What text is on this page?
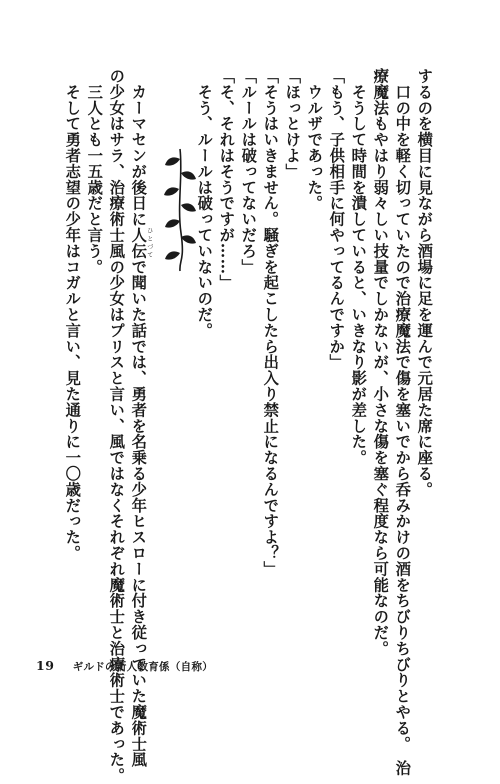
するのを横目に見ながら酒場に足を運んで元居た席に座る。
　口の中を軽く切っていたので治療魔法で傷を塞いでから呑みかけの酒をちびりちびりとやる。　治
療魔法もやはり弱々しい技量でしかないが、小さな傷を塞ぐ程度なら可能なのだ。
　そうして時間を潰していると、いきなり影が差した。
「もう、子供相手に何やってるんですか」
　ウルザであった。
「ほっとけよ」
「そうはいきません。騒ぎを起こしたら出入り禁止になるんですよ？」
「ルールは破ってないだろ」
「そ、それはそうですが……」
　そう、ルールは破っていないのだ。
　カーマセンが後日に人伝ひとづてで聞いた話では、勇者を名乗る少年ヒスローに付き従っていた魔術士風
の少女はサラ、治療術士風の少女はプリスと言い、風ではなくそれぞれ魔術士と治療術士であった。
　三人とも一五歳だと言う。
　そして勇者志望の少年はコガルと言い、見た通りに一〇歳だった。
19 ギルドの新人教育係（自称）
